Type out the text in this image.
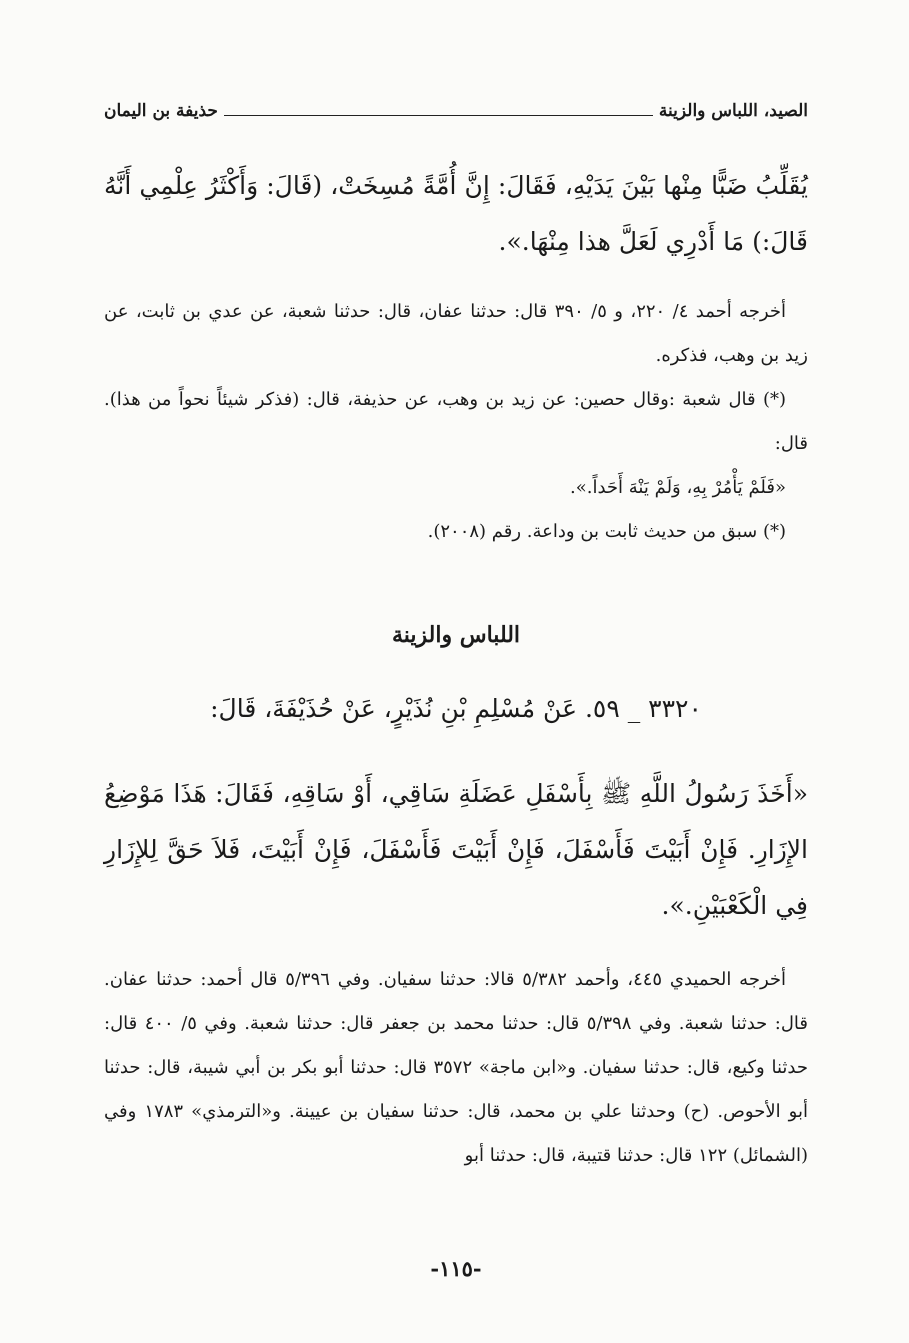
الصيد، اللباس والزينة
حذيفة بن اليمان

يُقَلِّبُ ضَبًّا مِنْها بَيْنَ يَدَيْهِ، فَقَالَ: إِنَّ أُمَّةً مُسِخَتْ، (قَالَ: وَأَكْثَرُ عِلْمِي أَنَّهُ قَالَ:) مَا أَدْرِي لَعَلَّ هذا مِنْهَا.».

أخرجه أحمد ٤/ ٢٢٠، و ٥/ ٣٩٠ قال: حدثنا عفان، قال: حدثنا شعبة، عن عدي بن ثابت، عن زيد بن وهب، فذكره.

(*) قال شعبة :وقال حصين: عن زيد بن وهب، عن حذيفة، قال: (فذكر شيئاً نحواً من هذا). قال:

«فَلَمْ يَأْمُرْ بِهِ، وَلَمْ يَنْهَ أَحَداً.».

(*) سبق من حديث ثابت بن وداعة. رقم (٢٠٠٨).

اللباس والزينة
٣٣٢٠ _ ٥٩. عَنْ مُسْلِمِ بْنِ نُذَيْرٍ، عَنْ حُذَيْفَةَ، قَالَ:

«أَخَذَ رَسُولُ اللَّهِ ﷺ بِأَسْفَلِ عَضَلَةِ سَاقِي، أَوْ سَاقِهِ، فَقَالَ: هَذَا مَوْضِعُ الإِزَارِ. فَإِنْ أَبَيْتَ فَأَسْفَلَ، فَإِنْ أَبَيْتَ فَأَسْفَلَ، فَإِنْ أَبَيْتَ، فَلاَ حَقَّ لِلإِزَارِ فِي الْكَعْبَيْنِ.».

أخرجه الحميدي ٤٤٥، وأحمد ٥/٣٨٢ قالا: حدثنا سفيان. وفي ٥/٣٩٦ قال أحمد: حدثنا عفان. قال: حدثنا شعبة. وفي ٥/٣٩٨ قال: حدثنا محمد بن جعفر قال: حدثنا شعبة. وفي ٥/ ٤٠٠ قال: حدثنا وكيع، قال: حدثنا سفيان. و«ابن ماجة» ٣٥٧٢ قال: حدثنا أبو بكر بن أبي شيبة، قال: حدثنا أبو الأحوص. (ح) وحدثنا علي بن محمد، قال: حدثنا سفيان بن عيينة. و«الترمذي» ١٧٨٣ وفي (الشمائل) ١٢٢ قال: حدثنا قتيبة، قال: حدثنا أبو

-١١٥-
